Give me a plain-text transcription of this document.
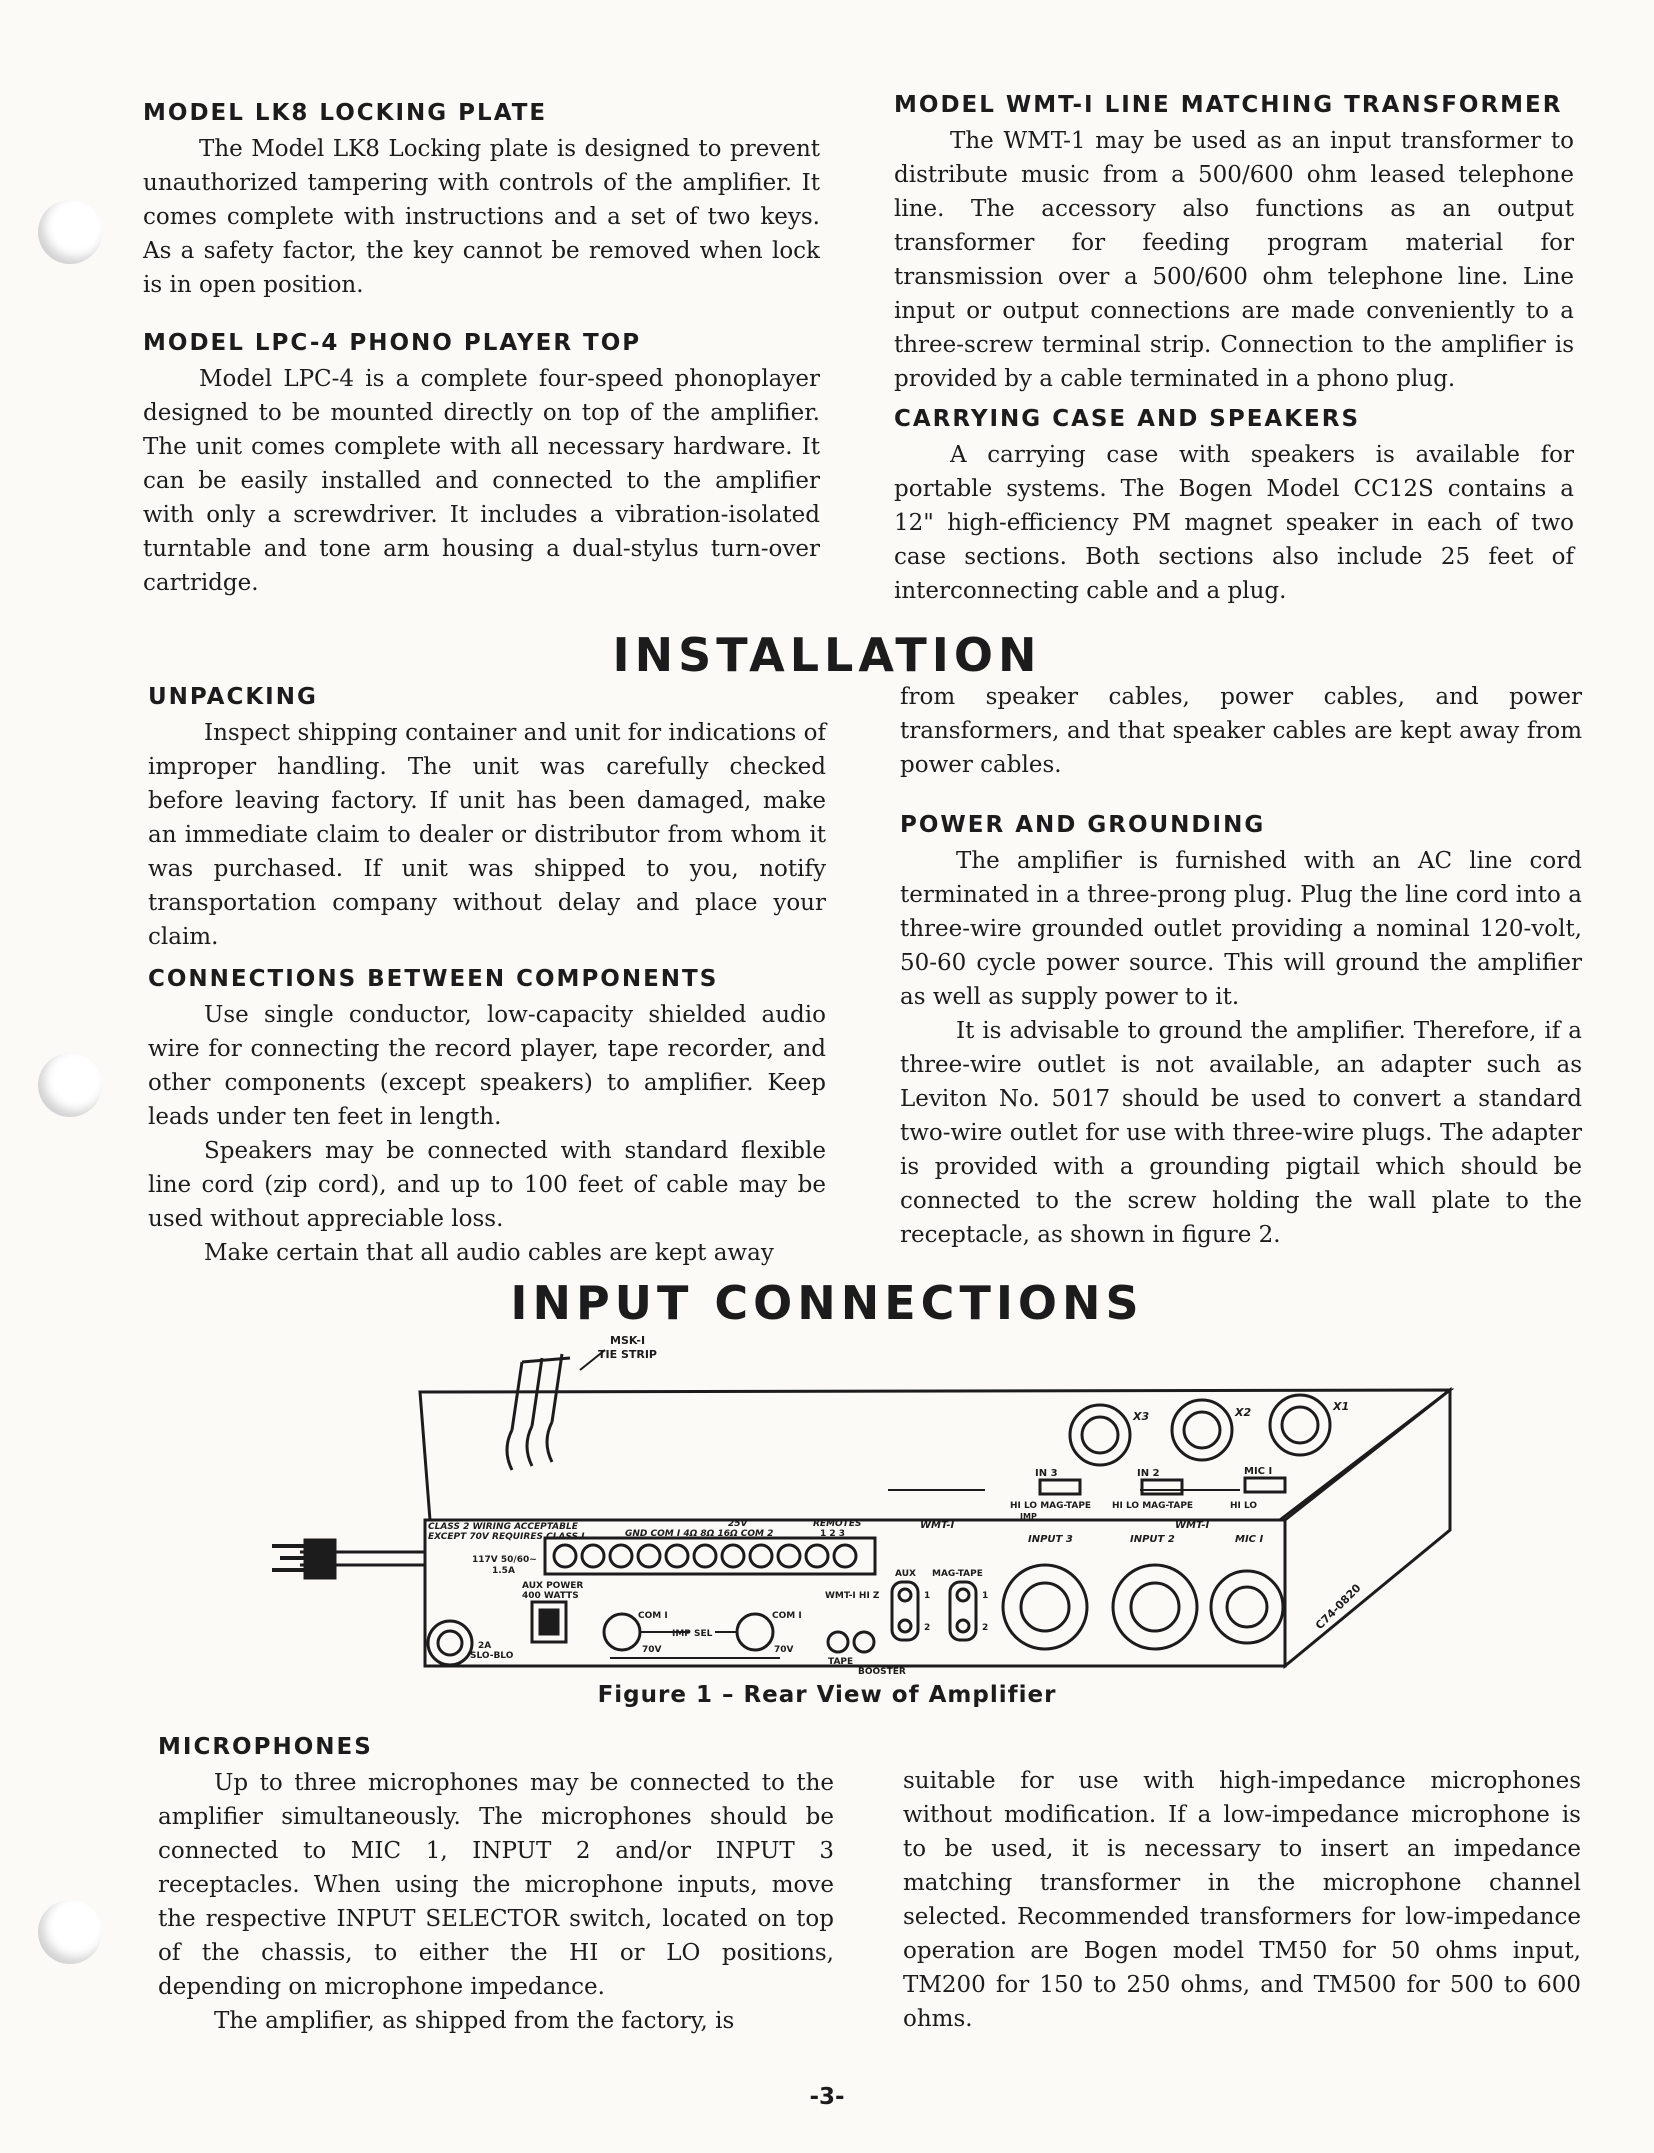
MODEL LK8 LOCKING PLATE

The Model LK8 Locking plate is designed to prevent unauthorized tampering with controls of the amplifier. It comes complete with instructions and a set of two keys. As a safety factor, the key cannot be removed when lock is in open position.

MODEL LPC-4 PHONO PLAYER TOP

Model LPC-4 is a complete four-speed phonoplayer designed to be mounted directly on top of the amplifier. The unit comes complete with all necessary hardware. It can be easily installed and connected to the amplifier with only a screwdriver. It includes a vibration-isolated turntable and tone arm housing a dual-stylus turn-over cartridge.

MODEL WMT-I LINE MATCHING TRANSFORMER

The WMT-1 may be used as an input transformer to distribute music from a 500/600 ohm leased telephone line. The accessory also functions as an output transformer for feeding program material for transmission over a 500/600 ohm telephone line. Line input or output connections are made conveniently to a three-screw terminal strip. Connection to the amplifier is provided by a cable terminated in a phono plug.

CARRYING CASE AND SPEAKERS

A carrying case with speakers is available for portable systems. The Bogen Model CC12S contains a 12" high-efficiency PM magnet speaker in each of two case sections. Both sections also include 25 feet of interconnecting cable and a plug.

INSTALLATION
UNPACKING

Inspect shipping container and unit for indications of improper handling. The unit was carefully checked before leaving factory. If unit has been damaged, make an immediate claim to dealer or distributor from whom it was purchased. If unit was shipped to you, notify transportation company without delay and place your claim.

CONNECTIONS BETWEEN COMPONENTS

Use single conductor, low-capacity shielded audio wire for connecting the record player, tape recorder, and other components (except speakers) to amplifier. Keep leads under ten feet in length.

Speakers may be connected with standard flexible line cord (zip cord), and up to 100 feet of cable may be used without appreciable loss.

Make certain that all audio cables are kept away

from speaker cables, power cables, and power transformers, and that speaker cables are kept away from power cables.

POWER AND GROUNDING

The amplifier is furnished with an AC line cord terminated in a three-prong plug. Plug the line cord into a three-wire grounded outlet providing a nominal 120-volt, 50-60 cycle power source. This will ground the amplifier as well as supply power to it.

It is advisable to ground the amplifier. Therefore, if a three-wire outlet is not available, an adapter such as Leviton No. 5017 should be used to convert a standard two-wire outlet for use with three-wire plugs. The adapter is provided with a grounding pigtail which should be connected to the screw holding the wall plate to the receptacle, as shown in figure 2.

INPUT CONNECTIONS
MSK-I
TIE STRIP
X3	X2	X1
IN 3	IN 2	MIC I
HI LO MAG-TAPE HI LO MAG-TAPE	HI LO
IMP
WMT-I	WMT-I
INPUT 3	INPUT 2	MIC I
CLASS 2 WIRING ACCEPTABLE
EXCEPT 70V REQUIRES CLASS I	GND COM I 4Ω 8Ω 16Ω COM 2
25V	REMOTES
1 2 3
117V 50/60~
1.5A
AUX POWER
400 WATTS
2A
SLO-BLO
COM I
70V
IMP SEL
COM I
70V
WMT-I HI Z
TAPE
BOOSTER
AUX MAG-TAPE
1
2
1
2	C74-0820
Figure 1 – Rear View of Amplifier
MICROPHONES

Up to three microphones may be connected to the amplifier simultaneously. The microphones should be connected to MIC 1, INPUT 2 and/or INPUT 3 receptacles. When using the microphone inputs, move the respective INPUT SELECTOR switch, located on top of the chassis, to either the HI or LO positions, depending on microphone impedance.

The amplifier, as shipped from the factory, is

suitable for use with high-impedance microphones without modification. If a low-impedance microphone is to be used, it is necessary to insert an impedance matching transformer in the microphone channel selected. Recommended transformers for low-impedance operation are Bogen model TM50 for 50 ohms input, TM200 for 150 to 250 ohms, and TM500 for 500 to 600 ohms.

-3-
